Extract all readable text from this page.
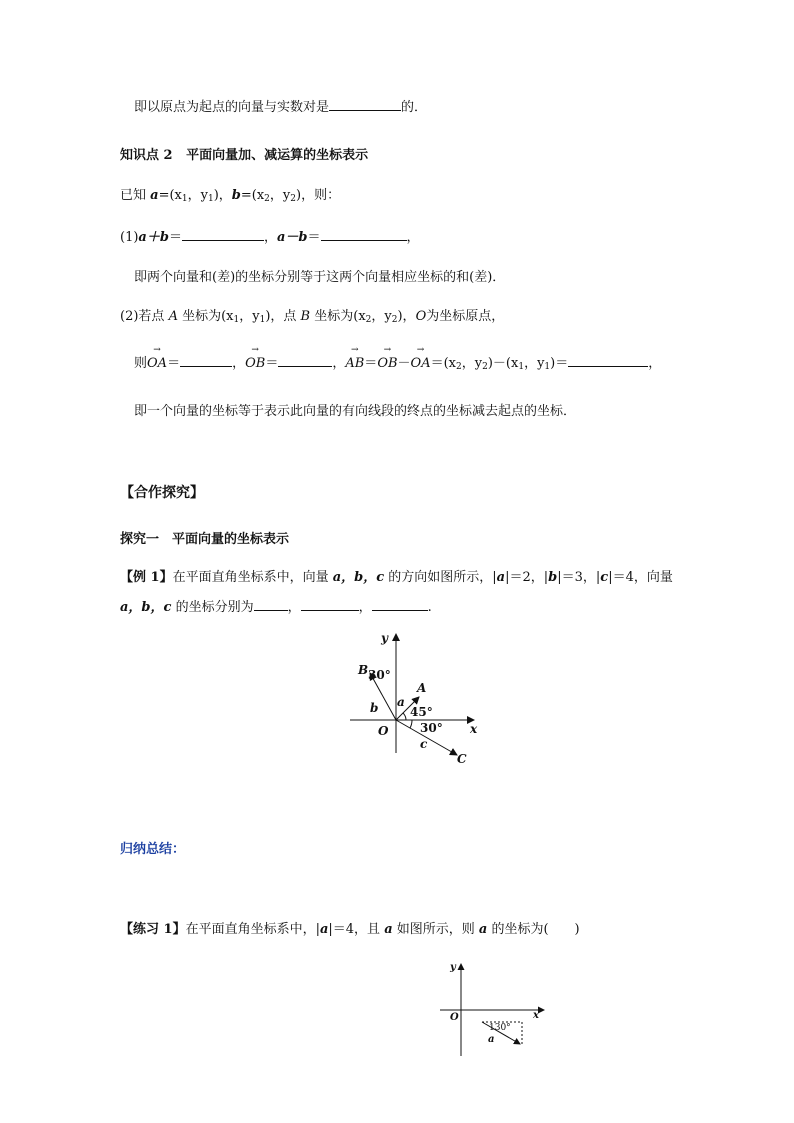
即以原点为起点的向量与实数对是	的．
知识点 2 平面向量加、减运算的坐标表示
已知 $a=(x_1$，$y_1$)，$b=(x_2$，$y_2$)，则：
(1)a＋b＝	，a－b＝	，
即两个向量和(差)的坐标分别等于这两个向量相应坐标的和(差)．
(2)若点 A 坐标为($x_1$，$y_1$)，点 B 坐标为($x_2$，$y_2$)，O为坐标原点，
则→ OA＝	，→ OB＝	，→ $AB=\to OB-\to OA=(x_2$，$y_2)-(x_1$，$y_1)=$	，
即一个向量的坐标等于表示此向量的有向线段的终点的坐标减去起点的坐标．
【合作探究】
探究一　平面向量的坐标表示
【例 1】在平面直角坐标系中，向量 a，b，c 的方向如图所示，|a|＝2，|b|＝3，|c|＝4，向量
a，b，c 的坐标分别为	，	，	.
y
x
O
A
B
C
a
b
c
30°
45°
30°
归纳总结：
【练习 1】在平面直角坐标系中，|a|＝4，且 a 如图所示，则 a 的坐标为(　　)
y
x
O
130°
a
